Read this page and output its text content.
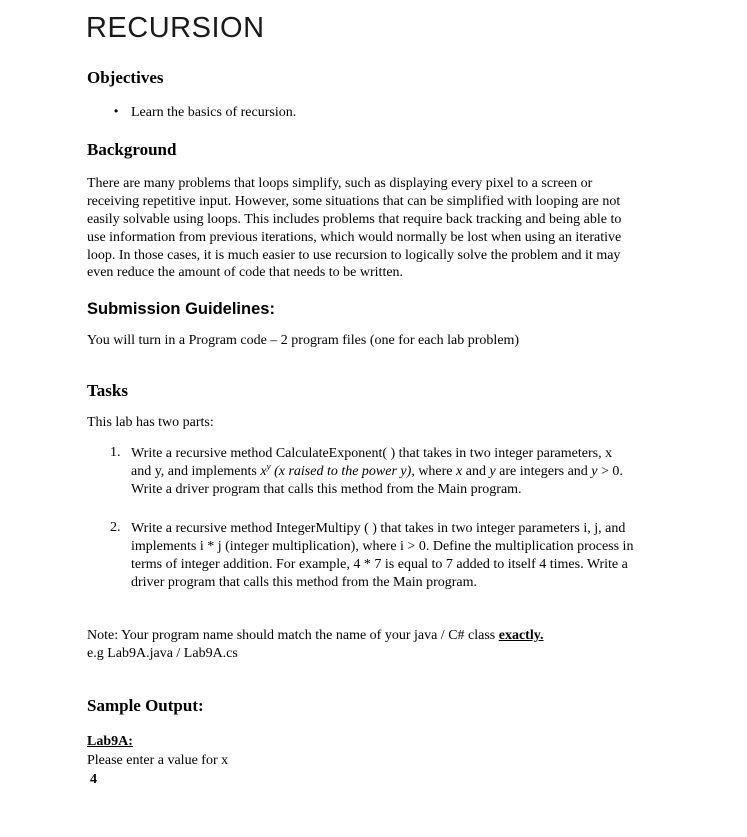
RECURSION
Objectives
• Learn the basics of recursion.
Background
There are many problems that loops simplify, such as displaying every pixel to a screen or
receiving repetitive input. However, some situations that can be simplified with looping are not
easily solvable using loops. This includes problems that require back tracking and being able to
use information from previous iterations, which would normally be lost when using an iterative
loop. In those cases, it is much easier to use recursion to logically solve the problem and it may
even reduce the amount of code that needs to be written.
Submission Guidelines:
You will turn in a Program code – 2 program files (one for each lab problem)
Tasks
This lab has two parts:
1. Write a recursive method CalculateExponent( ) that takes in two integer parameters, x
and y, and implements $x^y$ (x raised to the power y), where x and y are integers and y > 0.
Write a driver program that calls this method from the Main program.
2. Write a recursive method IntegerMultipy ( ) that takes in two integer parameters i, j, and
implements i * j (integer multiplication), where i > 0. Define the multiplication process in
terms of integer addition. For example, 4 * 7 is equal to 7 added to itself 4 times. Write a
driver program that calls this method from the Main program.
Note: Your program name should match the name of your java / C# class exactly.
e.g Lab9A.java / Lab9A.cs
Sample Output:
Lab9A:
Please enter a value for x
4
